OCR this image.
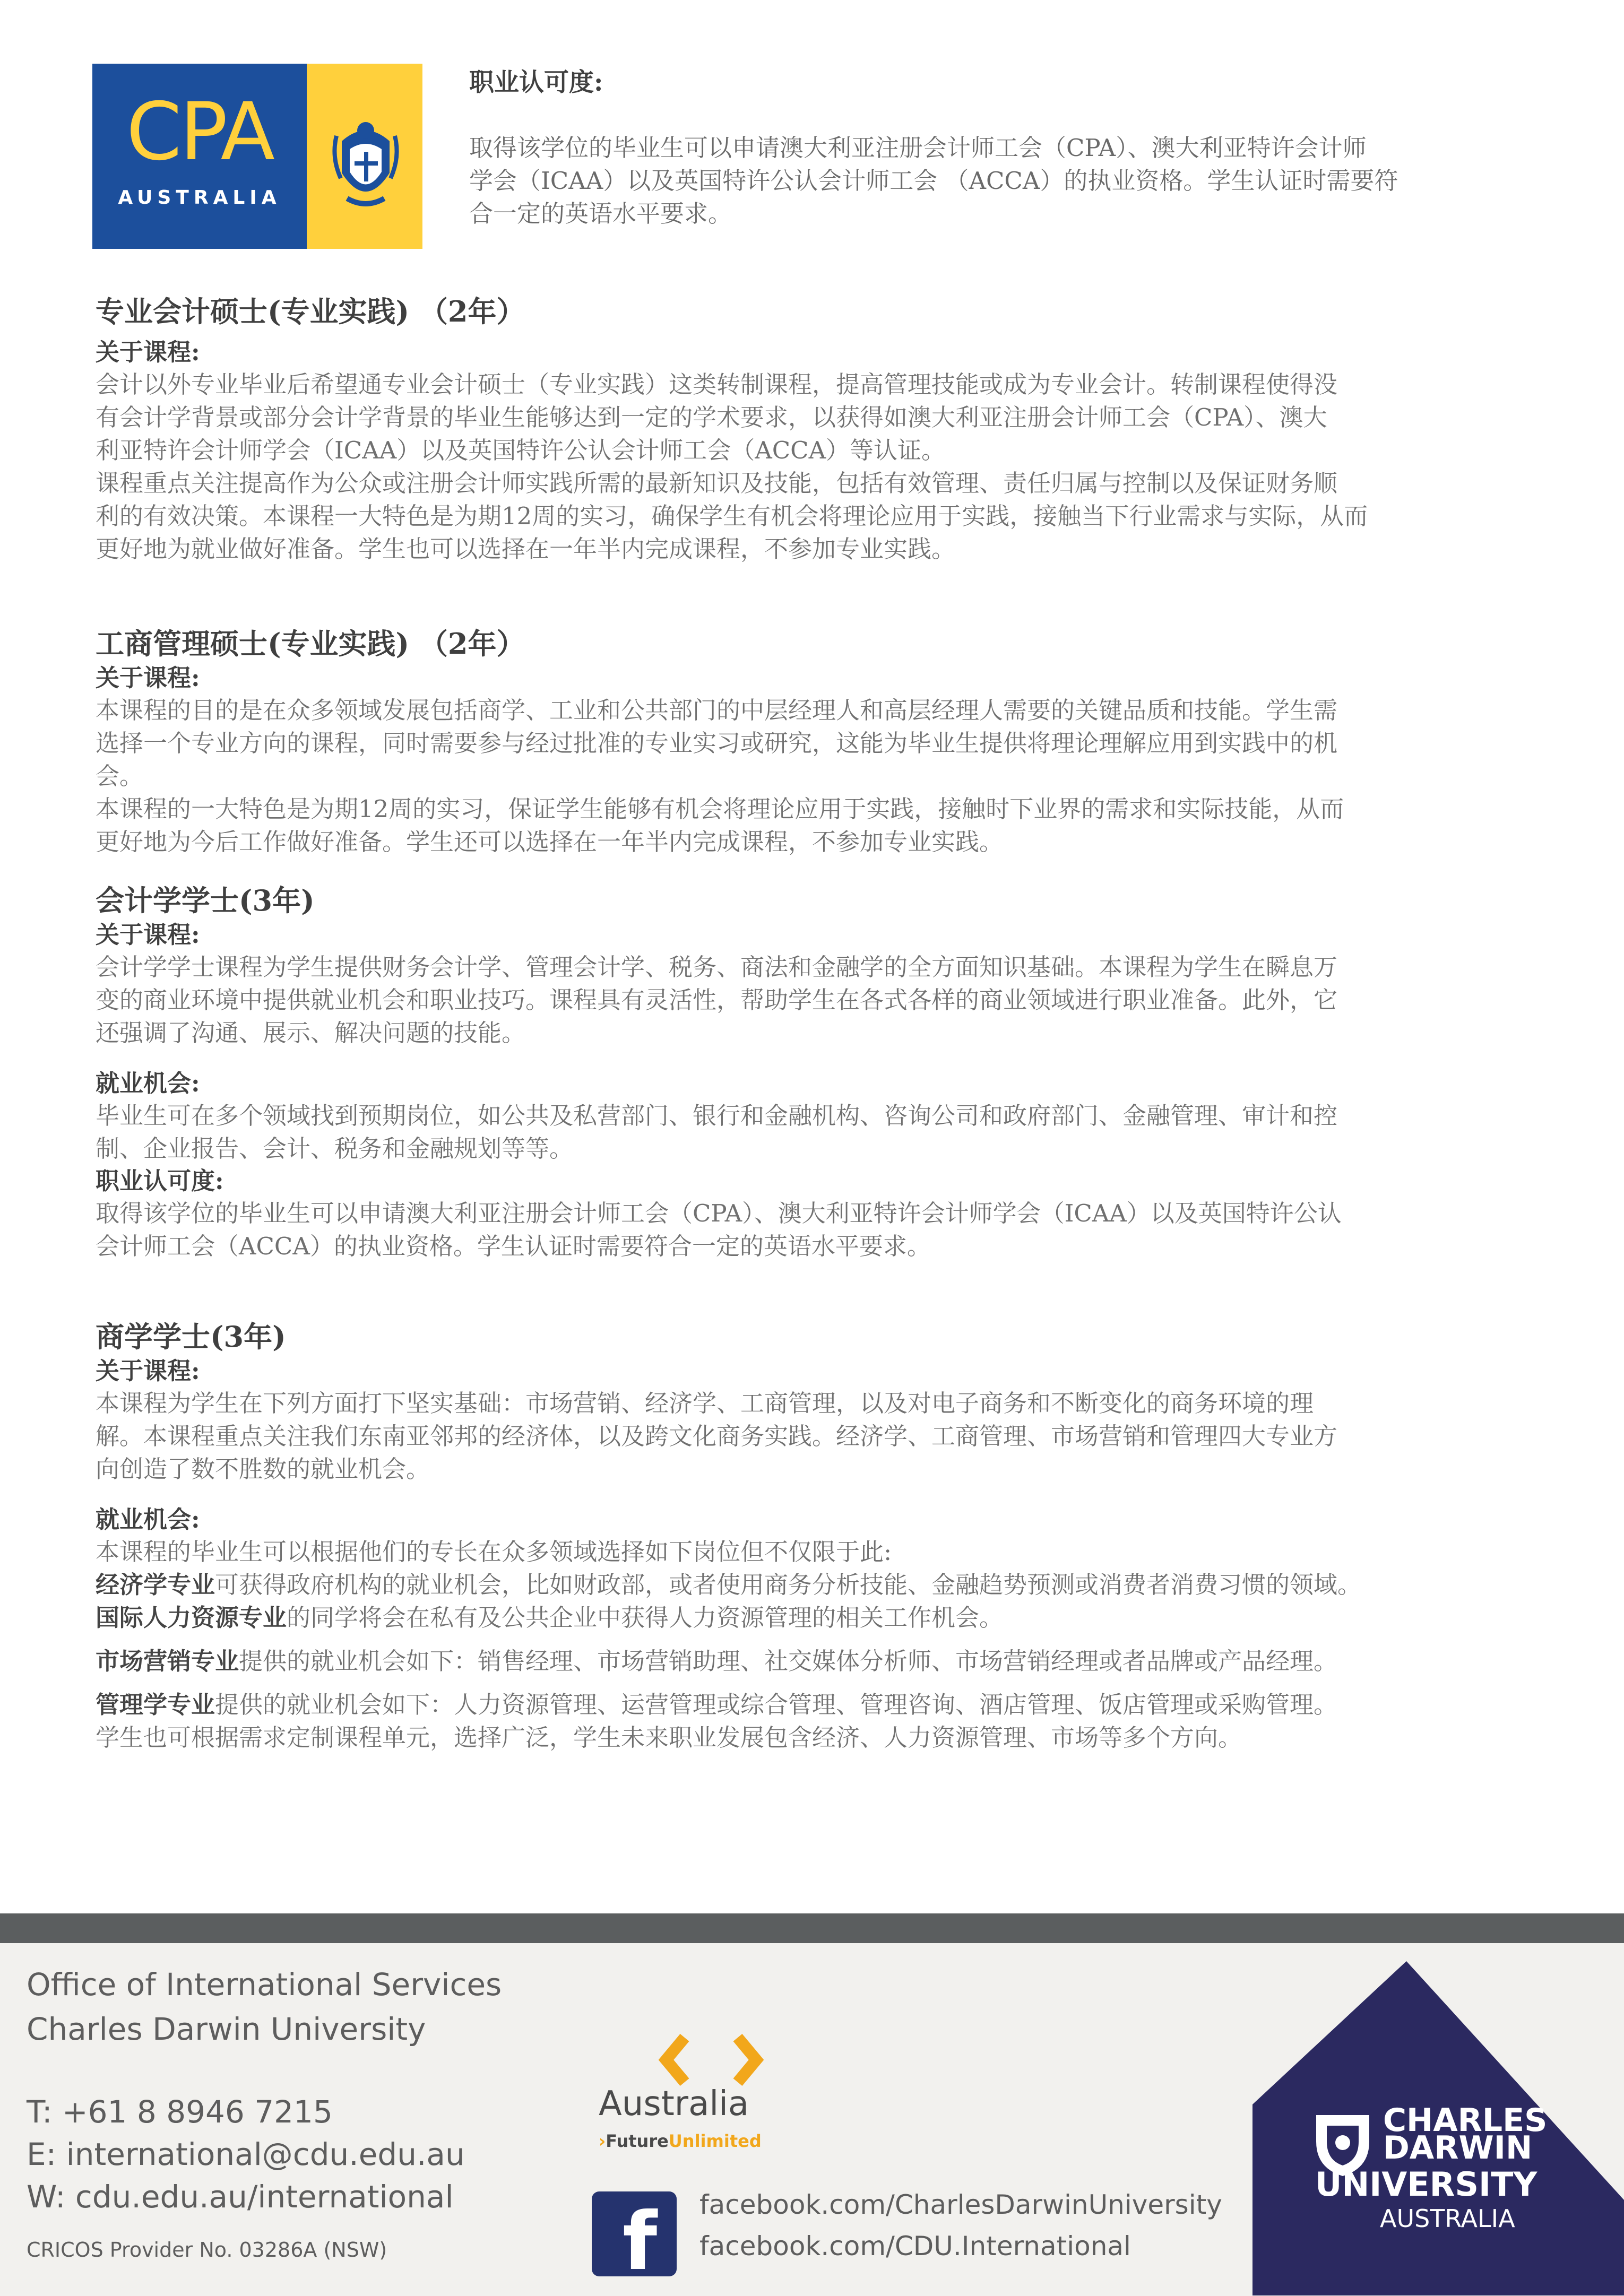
CPA
AUSTRALIA
职业认可度:
取得该学位的毕业生可以申请澳大利亚注册会计师工会（CPA）、澳大利亚特许会计师
学会（ICAA）以及英国特许公认会计师工会 （ACCA）的执业资格。学生认证时需要符
合一定的英语水平要求。
专业会计硕士(专业实践) （2年）
关于课程:

会计以外专业毕业后希望通专业会计硕士（专业实践）这类转制课程，提高管理技能或成为专业会计。转制课程使得没

有会计学背景或部分会计学背景的毕业生能够达到一定的学术要求，以获得如澳大利亚注册会计师工会（CPA）、澳大

利亚特许会计师学会（ICAA）以及英国特许公认会计师工会（ACCA）等认证。

课程重点关注提高作为公众或注册会计师实践所需的最新知识及技能，包括有效管理、责任归属与控制以及保证财务顺

利的有效决策。本课程一大特色是为期12周的实习，确保学生有机会将理论应用于实践，接触当下行业需求与实际，从而

更好地为就业做好准备。学生也可以选择在一年半内完成课程，不参加专业实践。

工商管理硕士(专业实践) （2年）
关于课程:

本课程的目的是在众多领域发展包括商学、工业和公共部门的中层经理人和高层经理人需要的关键品质和技能。学生需

选择一个专业方向的课程，同时需要参与经过批准的专业实习或研究，这能为毕业生提供将理论理解应用到实践中的机

会。

本课程的一大特色是为期12周的实习，保证学生能够有机会将理论应用于实践，接触时下业界的需求和实际技能，从而

更好地为今后工作做好准备。学生还可以选择在一年半内完成课程，不参加专业实践。

会计学学士(3年)
关于课程:

会计学学士课程为学生提供财务会计学、管理会计学、税务、商法和金融学的全方面知识基础。本课程为学生在瞬息万

变的商业环境中提供就业机会和职业技巧。课程具有灵活性，帮助学生在各式各样的商业领域进行职业准备。此外，它

还强调了沟通、展示、解决问题的技能。

就业机会:

毕业生可在多个领域找到预期岗位，如公共及私营部门、银行和金融机构、咨询公司和政府部门、金融管理、审计和控

制、企业报告、会计、税务和金融规划等等。

职业认可度:

取得该学位的毕业生可以申请澳大利亚注册会计师工会（CPA）、澳大利亚特许会计师学会（ICAA）以及英国特许公认

会计师工会（ACCA）的执业资格。学生认证时需要符合一定的英语水平要求。

商学学士(3年)
关于课程:

本课程为学生在下列方面打下坚实基础：市场营销、经济学、工商管理，以及对电子商务和不断变化的商务环境的理

解。本课程重点关注我们东南亚邻邦的经济体，以及跨文化商务实践。经济学、工商管理、市场营销和管理四大专业方

向创造了数不胜数的就业机会。

就业机会:

本课程的毕业生可以根据他们的专长在众多领域选择如下岗位但不仅限于此:

经济学专业可获得政府机构的就业机会，比如财政部，或者使用商务分析技能、金融趋势预测或消费者消费习惯的领域。

国际人力资源专业的同学将会在私有及公共企业中获得人力资源管理的相关工作机会。

市场营销专业提供的就业机会如下：销售经理、市场营销助理、社交媒体分析师、市场营销经理或者品牌或产品经理。

管理学专业提供的就业机会如下：人力资源管理、运营管理或综合管理、管理咨询、酒店管理、饭店管理或采购管理。

学生也可根据需求定制课程单元，选择广泛，学生未来职业发展包含经济、人力资源管理、市场等多个方向。

Office of International Services
Charles Darwin University
T: +61 8 8946 7215
E: international@cdu.edu.au
W: cdu.edu.au/international
CRICOS Provider No. 03286A (NSW)
Australia
›FutureUnlimited
f facebook.com/CharlesDarwinUniversity
facebook.com/CDU.International
CHARLES
DARWIN
UNIVERSITY
AUSTRALIA
